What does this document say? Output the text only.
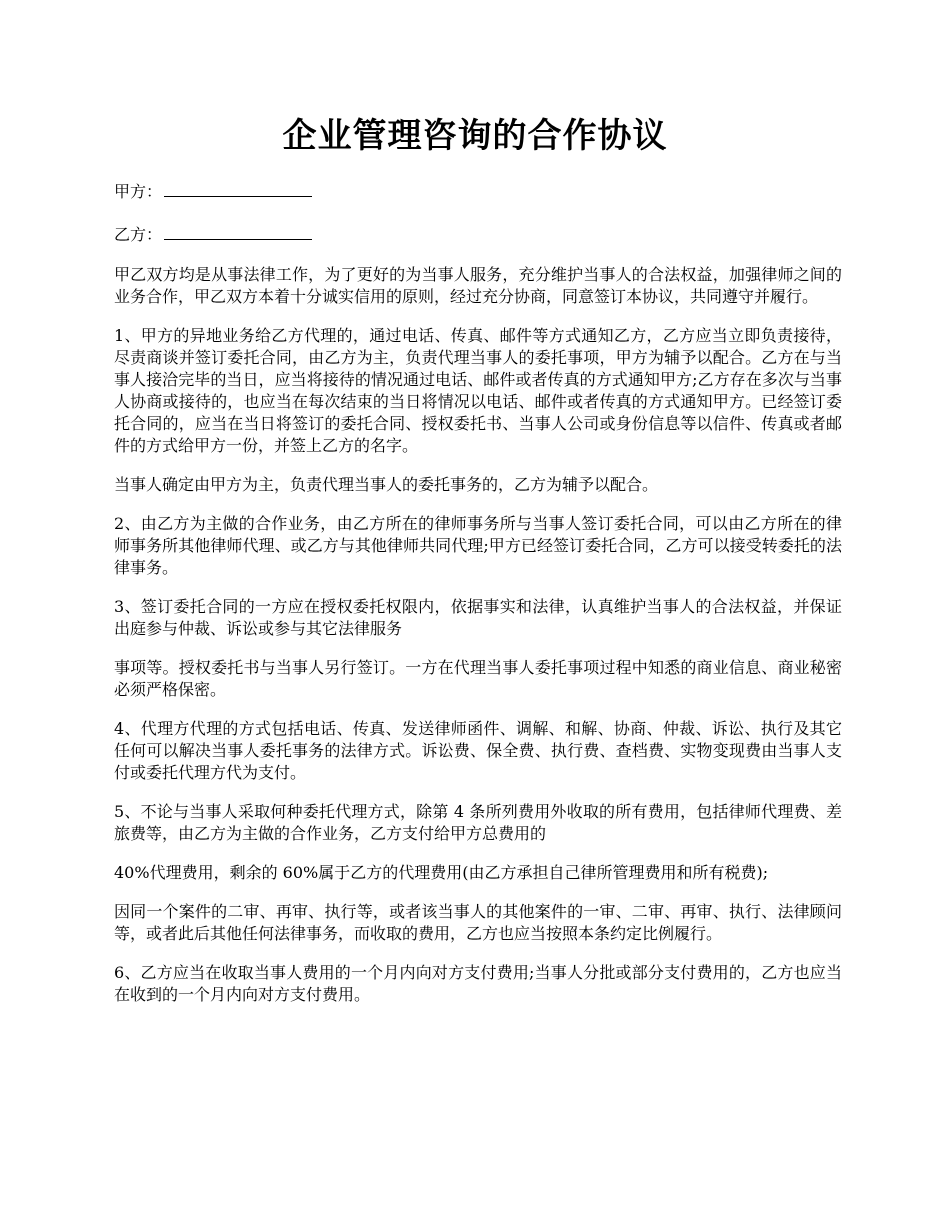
企业管理咨询的合作协议
甲方：
乙方：

甲乙双方均是从事法律工作，为了更好的为当事人服务，充分维护当事人的合法权益，加强律师之间的业务合作，甲乙双方本着十分诚实信用的原则，经过充分协商，同意签订本协议，共同遵守并履行。

1、甲方的异地业务给乙方代理的，通过电话、传真、邮件等方式通知乙方，乙方应当立即负责接待，尽责商谈并签订委托合同，由乙方为主，负责代理当事人的委托事项，甲方为辅予以配合。乙方在与当事人接洽完毕的当日，应当将接待的情况通过电话、邮件或者传真的方式通知甲方;乙方存在多次与当事人协商或接待的，也应当在每次结束的当日将情况以电话、邮件或者传真的方式通知甲方。已经签订委托合同的，应当在当日将签订的委托合同、授权委托书、当事人公司或身份信息等以信件、传真或者邮件的方式给甲方一份，并签上乙方的名字。

当事人确定由甲方为主，负责代理当事人的委托事务的，乙方为辅予以配合。

2、由乙方为主做的合作业务，由乙方所在的律师事务所与当事人签订委托合同，可以由乙方所在的律师事务所其他律师代理、或乙方与其他律师共同代理;甲方已经签订委托合同，乙方可以接受转委托的法律事务。

3、签订委托合同的一方应在授权委托权限内，依据事实和法律，认真维护当事人的合法权益，并保证出庭参与仲裁、诉讼或参与其它法律服务

事项等。授权委托书与当事人另行签订。一方在代理当事人委托事项过程中知悉的商业信息、商业秘密必须严格保密。

4、代理方代理的方式包括电话、传真、发送律师函件、调解、和解、协商、仲裁、诉讼、执行及其它任何可以解决当事人委托事务的法律方式。诉讼费、保全费、执行费、查档费、实物变现费由当事人支付或委托代理方代为支付。

5、不论与当事人采取何种委托代理方式，除第 4 条所列费用外收取的所有费用，包括律师代理费、差旅费等，由乙方为主做的合作业务，乙方支付给甲方总费用的

40%代理费用，剩余的 60%属于乙方的代理费用(由乙方承担自己律所管理费用和所有税费);

因同一个案件的二审、再审、执行等，或者该当事人的其他案件的一审、二审、再审、执行、法律顾问等，或者此后其他任何法律事务，而收取的费用，乙方也应当按照本条约定比例履行。

6、乙方应当在收取当事人费用的一个月内向对方支付费用;当事人分批或部分支付费用的，乙方也应当在收到的一个月内向对方支付费用。
